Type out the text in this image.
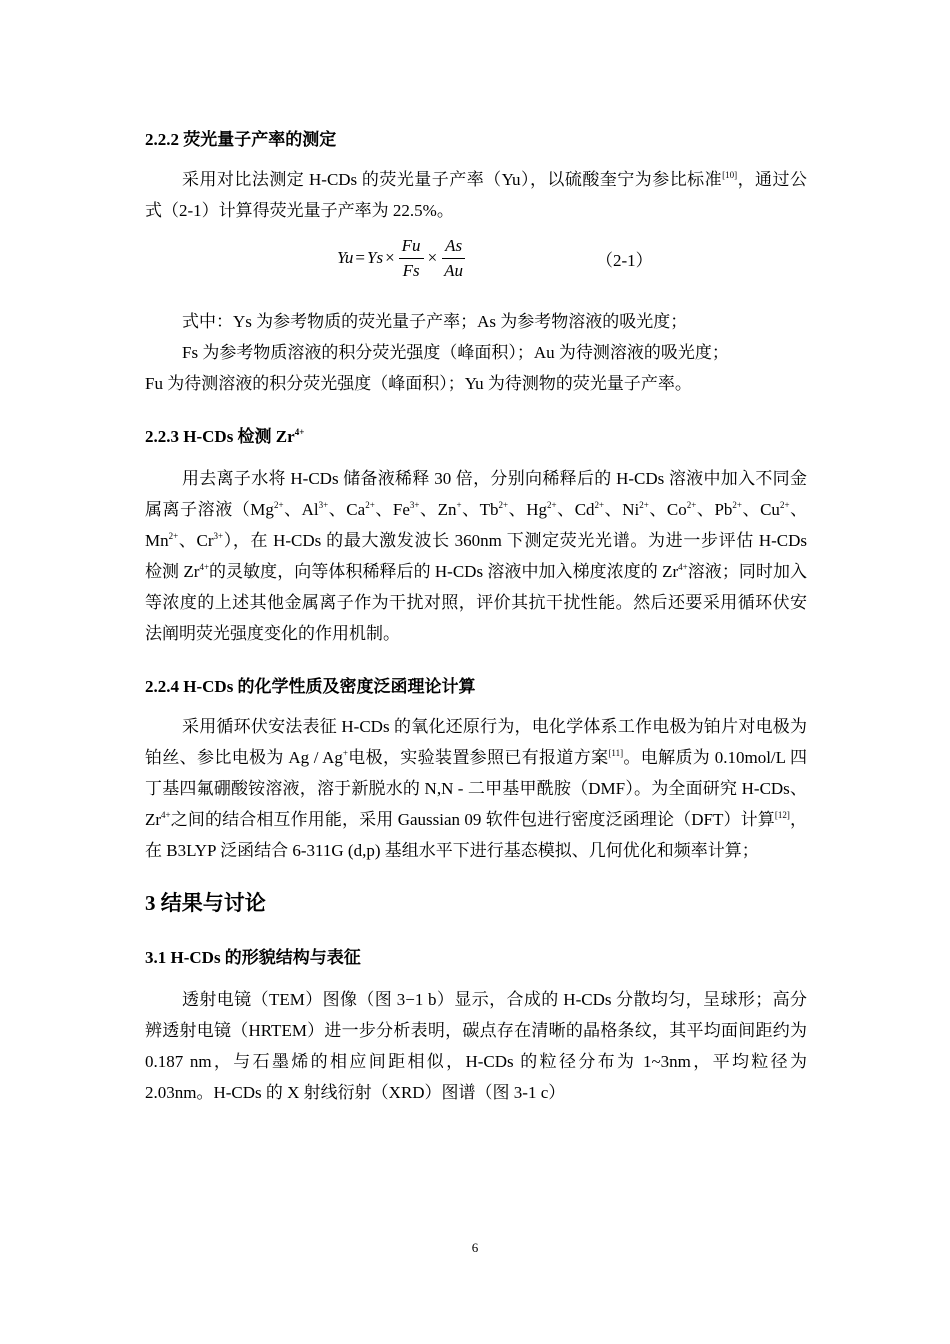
2.2.2 荧光量子产率的测定

采用对比法测定 H-CDs 的荧光量子产率（Yu），以硫酸奎宁为参比标准[10]，通过公式（2-1）计算得荧光量子产率为 22.5%。

$Yu = Ys \times \frac{Fu}{Fs} \times \frac{As}{Au}$	（2-1）

式中：Ys 为参考物质的荧光量子产率；As 为参考物溶液的吸光度；

Fs 为参考物质溶液的积分荧光强度（峰面积）；Au 为待测溶液的吸光度；

Fu 为待测溶液的积分荧光强度（峰面积）；Yu 为待测物的荧光量子产率。

2.2.3 H-CDs 检测 $Zr^{4+}$

用去离子水将 H-CDs 储备液稀释 30 倍，分别向稀释后的 H-CDs 溶液中加入不同金属离子溶液（$Mg^{2+}$、$Al^{3+}$、$Ca^{2+}$、$Fe^{3+}$、Zn+、$Tb^{2+}$、$Hg^{2+}$、$Cd^{2+}$、$Ni^{2+}$、$Co^{2+}$、$Pb^{2+}$、$Cu^{2+}$、$Mn^{2+}$、$Cr^{3+}$），在 H-CDs 的最大激发波长 360nm 下测定荧光光谱。为进一步评估 H-CDs 检测 $Zr^{4+}$的灵敏度，向等体积稀释后的 H-CDs 溶液中加入梯度浓度的 $Zr^{4+}$溶液；同时加入等浓度的上述其他金属离子作为干扰对照，评价其抗干扰性能。然后还要采用循环伏安法阐明荧光强度变化的作用机制。

2.2.4 H-CDs 的化学性质及密度泛函理论计算

采用循环伏安法表征 H-CDs 的氧化还原行为，电化学体系工作电极为铂片对电极为铂丝、参比电极为 Ag / Ag+电极，实验装置参照已有报道方案[11]。电解质为 0.10mol/L 四丁基四氟硼酸铵溶液，溶于新脱水的 N,N - 二甲基甲酰胺（DMF）。为全面研究 H-CDs、$Zr^{4+}$之间的结合相互作用能，采用 Gaussian 09 软件包进行密度泛函理论（DFT）计算[12]，在 B3LYP 泛函结合 6-311G (d,p) 基组水平下进行基态模拟、几何优化和频率计算；

3 结果与讨论
3.1 H-CDs 的形貌结构与表征

透射电镜（TEM）图像（图 3−1 b）显示，合成的 H-CDs 分散均匀，呈球形；高分辨透射电镜（HRTEM）进一步分析表明，碳点存在清晰的晶格条纹，其平均面间距约为 0.187 nm，与石墨烯的相应间距相似，H-CDs 的粒径分布为 1~3nm，平均粒径为 2.03nm。H-CDs 的 X 射线衍射（XRD）图谱（图 3-1 c）

6
